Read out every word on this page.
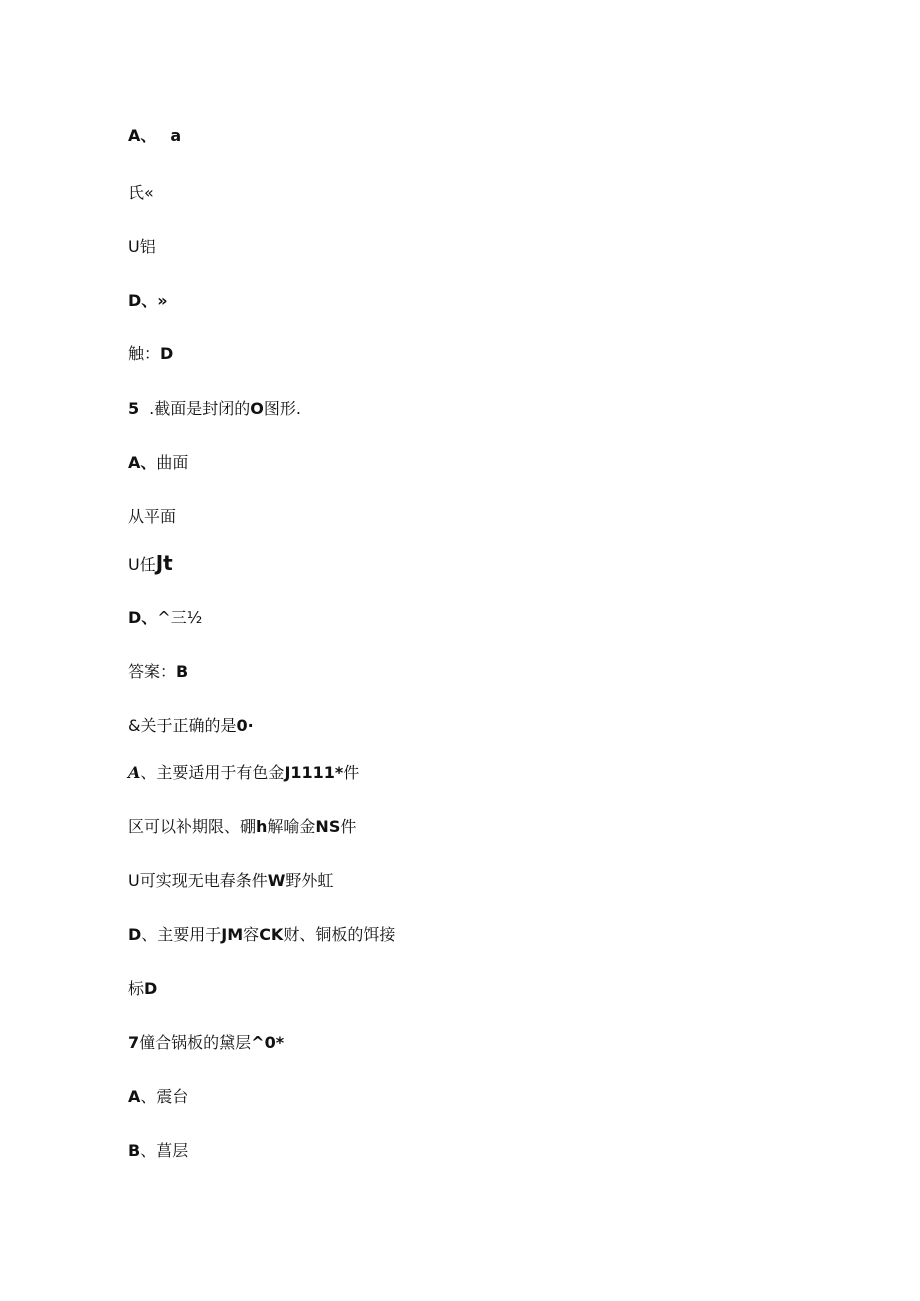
A、 a
氏«
U铝
D、»
触：D
5 .截面是封闭的O图形.
A、曲面
从平面
U任Jt
D、^三½
答案：B
&关于正确的是0·
A、主要适用于有色金J1111*件
区可以补期限、硼h解喻金NS件
U可实现无电春条件W野外虹
D、主要用于JM容CK财、铜板的饵接
标D
7僮合锅板的黛层^0*
A、震台
B、菖层
